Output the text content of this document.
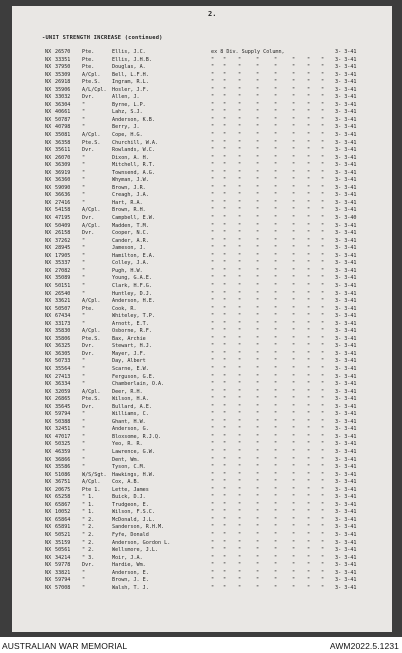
2.
-UNIT STRENGTH INCREASE (continued)
NX 26570	Pte.	Ellis, J.C.	ex 8 Div. Supply Column,	3- 3-41
NX 33351	Pte.	Ellis, J.H.B.	"	"	"	"	"	"	"	"	3- 3-41
NX 37950	Pte.	Douglas, A.	"	"	"	"	"	"	"	"	3- 3-41
NX 35309	A/Cpl.	Bell, L.F.H.	"	"	"	"	"	"	"	"	3- 3-41
NX 26918	Pte.S.	Ingram, R.L.	"	"	"	"	"	"	"	"	3- 3-41
NX 35906	A/L/Cpl. Hosler, J.F.	"	"	"	"	"	"	"	"	3- 3-41
NX 33032	Dvr.	Allen, J.	"	"	"	"	"	"	"	"	3- 3-41
NX 36304	"	Byrne, L.P.	"	"	"	"	"	"	"	"	3- 3-41
NX 40661	"	Lahz, S.J.	"	"	"	"	"	"	"	"	3- 3-41
NX 50787	"	Anderson, K.B.	"	"	"	"	"	"	"	"	3- 3-41
NX 40798	"	Berry, J.	"	"	"	"	"	"	"	"	3- 3-41
NX 35081	A/Cpl.	Cope, H.G.	"	"	"	"	"	"	"	"	3- 3-41
NX 36358	Pte.S.	Churchill, W.A.	"	"	"	"	"	"	"	"	3- 3-41
NX 35611	Dvr.	Rowlands, W.C.	"	"	"	"	"	"	"	"	3- 3-41
NX 26070	"	Dixon, A. H.	"	"	"	"	"	"	"	"	3- 3-41
NX 36309	"	Mitchell, R.T.	"	"	"	"	"	"	"	"	3- 3-41
NX 36919	"	Townsend, A.G.	"	"	"	"	"	"	"	"	3- 3-41
NX 36360	"	Whyman, J.W.	"	"	"	"	"	"	"	"	3- 3-41
NX 59090	"	Brown, J.R.	"	"	"	"	"	"	"	"	3- 3-41
NX 36636	"	Creagh, J.A.	"	"	"	"	"	"	"	"	3- 3-41
NX 27416	"	Hart, R.A.	"	"	"	"	"	"	"	"	3- 3-41
NX 54158	A/Cpl.	Brown, R.H.	"	"	"	"	"	"	"	"	3- 3-41
NX 47195	Dvr.	Campbell, E.W.	"	"	"	"	"	"	"	"	3- 3-40
NX 50409	A/Cpl.	Madden, T.M.	"	"	"	"	"	"	"	"	3- 3-41
NX 26158	Dvr.	Cooper, N.C.	"	"	"	"	"	"	"	"	3- 3-41
NX 37262	"	Cander, A.R.	"	"	"	"	"	"	"	"	3- 3-41
NX 28945	"	Jameson, J.	"	"	"	"	"	"	"	"	3- 3-41
NX 17905	"	Hamilton, E.A.	"	"	"	"	"	"	"	"	3- 3-41
NX 35337	"	Colley, J.A.	"	"	"	"	"	"	"	"	3- 3-41
NX 27082	"	Pugh, H.W.	"	"	"	"	"	"	"	"	3- 3-41
NX 35089	"	Young, G.A.E.	"	"	"	"	"	"	"	"	3- 3-41
NX 50151	"	Clark, H.F.G.	"	"	"	"	"	"	"	"	3- 3-41
NX 26540	"	Huntley, D.J.	"	"	"	"	"	"	"	"	3- 3-41
NX 33621	A/Cpl.	Anderson, H.E.	"	"	"	"	"	"	"	"	3- 3-41
NX 50507	Pte.	Cook, R.	"	"	"	"	"	"	"	"	3- 3-41
NX 67434	"	Whiteley, T.P.	"	"	"	"	"	"	"	"	3- 3-41
NX 33173	"	Arnott, E.T.	"	"	"	"	"	"	"	"	3- 3-41
NX 35830	A/Cpl.	Osborne, R.F.	"	"	"	"	"	"	"	"	3- 3-41
NX 35806	Pte.S.	Bax, Archie	"	"	"	"	"	"	"	"	3- 3-41
NX 36325	Dvr.	Stewart, H.J.	"	"	"	"	"	"	"	"	3- 3-41
NX 36305	Dvr.	Mayer, J.F.	"	"	"	"	"	"	"	"	3- 3-41
NX 50733	"	Day, Albert	"	"	"	"	"	"	"	"	3- 3-41
NX 35564	"	Scarne, E.W.	"	"	"	"	"	"	"	"	3- 3-41
NX 27413	"	Ferguson, G.E.	"	"	"	"	"	"	"	"	3- 3-41
NX 36334	"	Chamberlain, O.A.	"	"	"	"	"	"	"	"	3- 3-41
NX 32059	A/Cpl.	Deer, R.H.	"	"	"	"	"	"	"	"	3- 3-41
NX 26865	Pte.S.	Wilson, H.A.	"	"	"	"	"	"	"	"	3- 3-41
NX 35645	Dvr.	Bullard, A.E.	"	"	"	"	"	"	"	"	3- 3-41
NX 59794	"	Williams, C.	"	"	"	"	"	"	"	"	3- 3-41
NX 50388	"	Ghant, H.W.	"	"	"	"	"	"	"	"	3- 3-41
NX 32451	"	Anderson, G.	"	"	"	"	"	"	"	"	3- 3-41
NX 47017	"	Bloxsome, R.J.Q.	"	"	"	"	"	"	"	"	3- 3-41
NX 50325	"	Yeo, R. R.	"	"	"	"	"	"	"	"	3- 3-41
NX 46359	"	Lawrence, G.W.	"	"	"	"	"	"	"	"	3- 3-41
NX 36866	"	Dent, Wm.	"	"	"	"	"	"	"	"	3- 3-41
NX 35586	"	Tyson, C.M.	"	"	"	"	"	"	"	"	3- 3-41
NX 51086	W/S/Sgt. Hawkings, H.W.	"	"	"	"	"	"	"	"	3- 3-41
NX 36751	A/Cpl.	Cox, A.B.	"	"	"	"	"	"	"	"	3- 3-41
NX 20675	Pte 1.	Lette, James	"	"	"	"	"	"	"	"	3- 3-41
NX 65258	" 1.	Buick, D.J.	"	"	"	"	"	"	"	"	3- 3-41
NX 65867	" 1.	Trudgeon, E.	"	"	"	"	"	"	"	"	3- 3-41
NX 10052	" 1.	Wilson, F.S.C.	"	"	"	"	"	"	"	"	3- 3-41
NX 65864	" 2.	McDonald, J.L.	"	"	"	"	"	"	"	"	3- 3-41
NX 65891	" 2.	Sanderson, R.H.M.	"	"	"	"	"	"	"	"	3- 3-41
NX 50521	" 2.	Fyfe, Donald	"	"	"	"	"	"	"	"	3- 3-41
NX 35159	" 2.	Anderson, Gordon L.	"	"	"	"	"	"	"	"	3- 3-41
NX 50561	" 2.	Wellsmore, J.L.	"	"	"	"	"	"	"	"	3- 3-41
NX 34214	" 3.	Moir, J.A.	"	"	"	"	"	"	"	"	3- 3-41
NX 59778	Dvr.	Hardie, Wm.	"	"	"	"	"	"	"	"	3- 3-41
NX 33821	"	Anderson, E.	"	"	"	"	"	"	"	"	3- 3-41
NX 59794	"	Brown, J. E.	"	"	"	"	"	"	"	"	3- 3-41
NX 57008	"	Walsh, T. J.	"	"	"	"	"	"	"	"	3- 3-41
AUSTRALIAN WAR MEMORIAL	AWM2022.5.1231
